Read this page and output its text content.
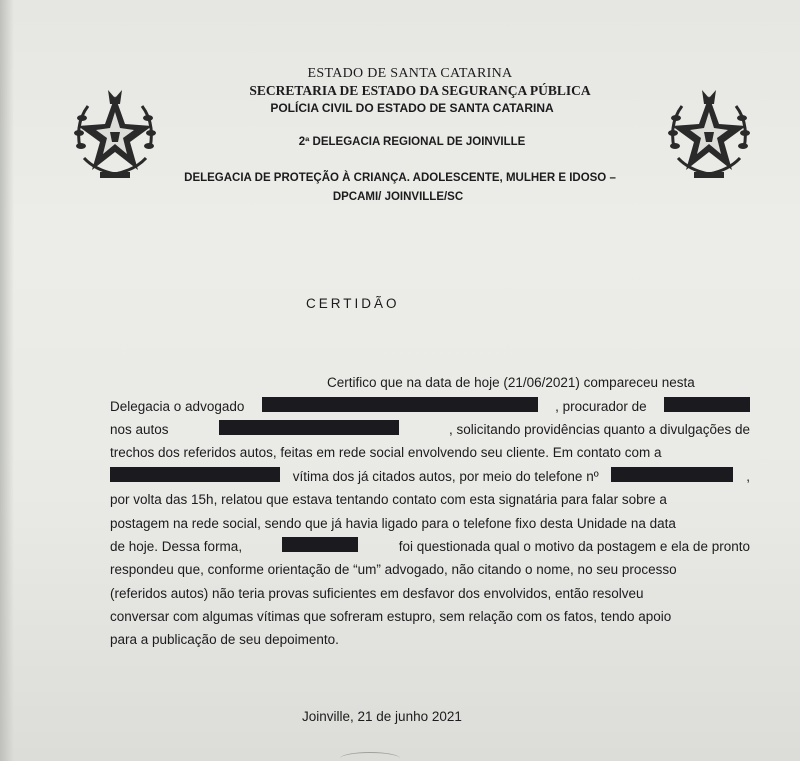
ESTADO DE SANTA CATARINA
SECRETARIA DE ESTADO DA SEGURANÇA PÚBLICA
POLÍCIA CIVIL DO ESTADO DE SANTA CATARINA
2ª DELEGACIA REGIONAL DE JOINVILLE
DELEGACIA DE PROTEÇÃO À CRIANÇA. ADOLESCENTE, MULHER E IDOSO –
DPCAMI/ JOINVILLE/SC
CERTIDÃO
Certifico que na data de hoje (21/06/2021) compareceu nesta
Delegacia o advogado	, procurador de
nos autos	, solicitando providências quanto a divulgações de
trechos dos referidos autos, feitas em rede social envolvendo seu cliente. Em contato com a
vítima dos já citados autos, por meio do telefone nº	,
por volta das 15h, relatou que estava tentando contato com esta signatária para falar sobre a
postagem na rede social, sendo que já havia ligado para o telefone fixo desta Unidade na data
de hoje. Dessa forma,	foi questionada qual o motivo da postagem e ela de pronto
respondeu que, conforme orientação de “um” advogado, não citando o nome, no seu processo
(referidos autos) não teria provas suficientes em desfavor dos envolvidos, então resolveu
conversar com algumas vítimas que sofreram estupro, sem relação com os fatos, tendo apoio
para a publicação de seu depoimento.
Joinville, 21 de junho 2021
